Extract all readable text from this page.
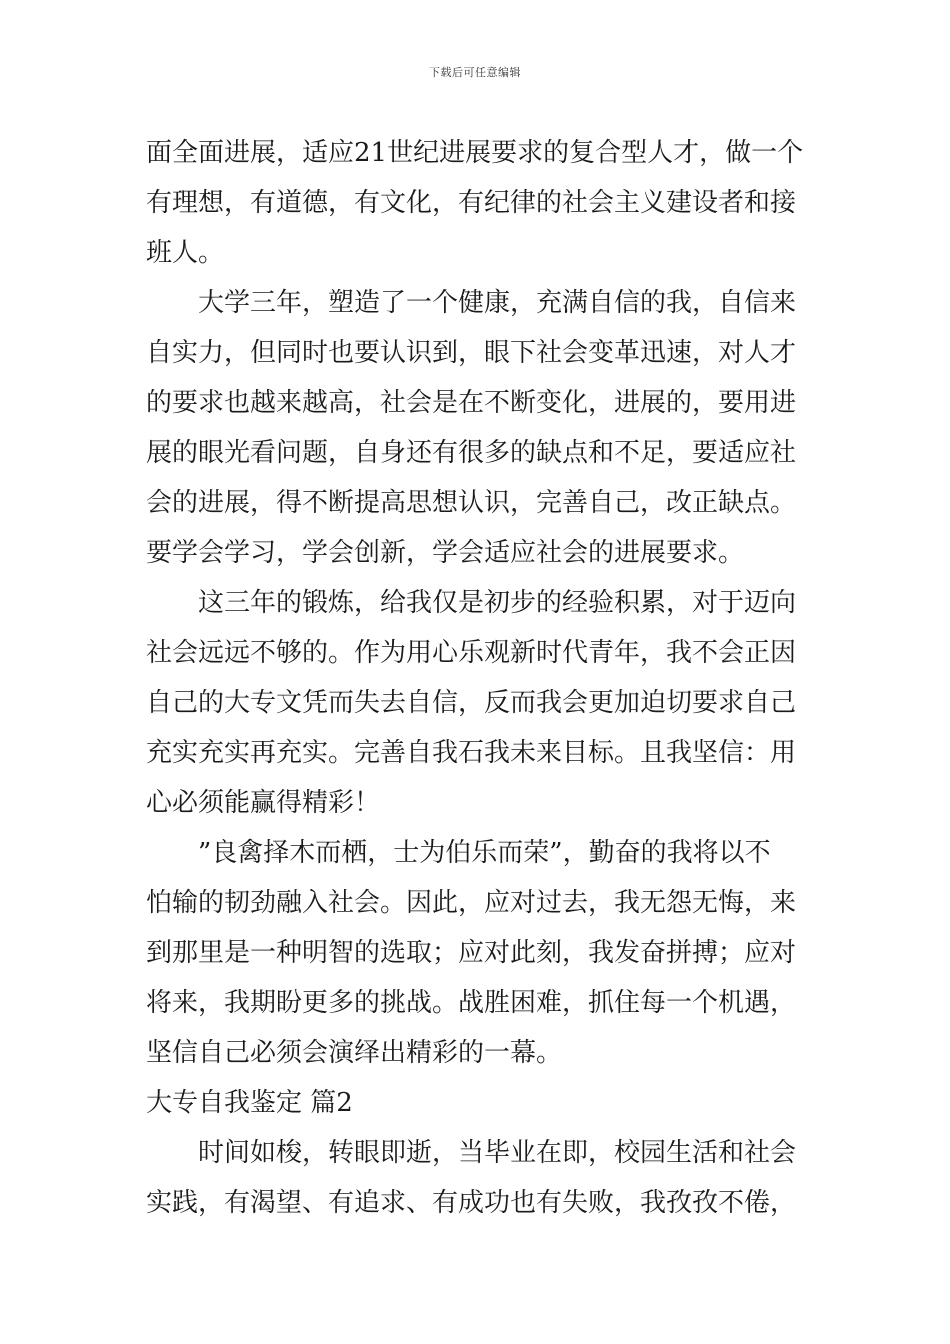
下载后可任意编辑
面全面进展，适应21世纪进展要求的复合型人才，做一个
有理想，有道德，有文化，有纪律的社会主义建设者和接
班人。
大学三年，塑造了一个健康，充满自信的我，自信来
自实力，但同时也要认识到，眼下社会变革迅速，对人才
的要求也越来越高，社会是在不断变化，进展的，要用进
展的眼光看问题，自身还有很多的缺点和不足，要适应社
会的进展，得不断提高思想认识，完善自己，改正缺点。
要学会学习，学会创新，学会适应社会的进展要求。
这三年的锻炼，给我仅是初步的经验积累，对于迈向
社会远远不够的。作为用心乐观新时代青年，我不会正因
自己的大专文凭而失去自信，反而我会更加迫切要求自己
充实充实再充实。完善自我石我未来目标。且我坚信：用
心必须能赢得精彩！
”良禽择木而栖，士为伯乐而荣”，勤奋的我将以不
怕输的韧劲融入社会。因此，应对过去，我无怨无悔，来
到那里是一种明智的选取；应对此刻，我发奋拼搏；应对
将来，我期盼更多的挑战。战胜困难，抓住每一个机遇，
坚信自己必须会演绎出精彩的一幕。
大专自我鉴定 篇2
时间如梭，转眼即逝，当毕业在即，校园生活和社会
实践，有渴望、有追求、有成功也有失败，我孜孜不倦，
